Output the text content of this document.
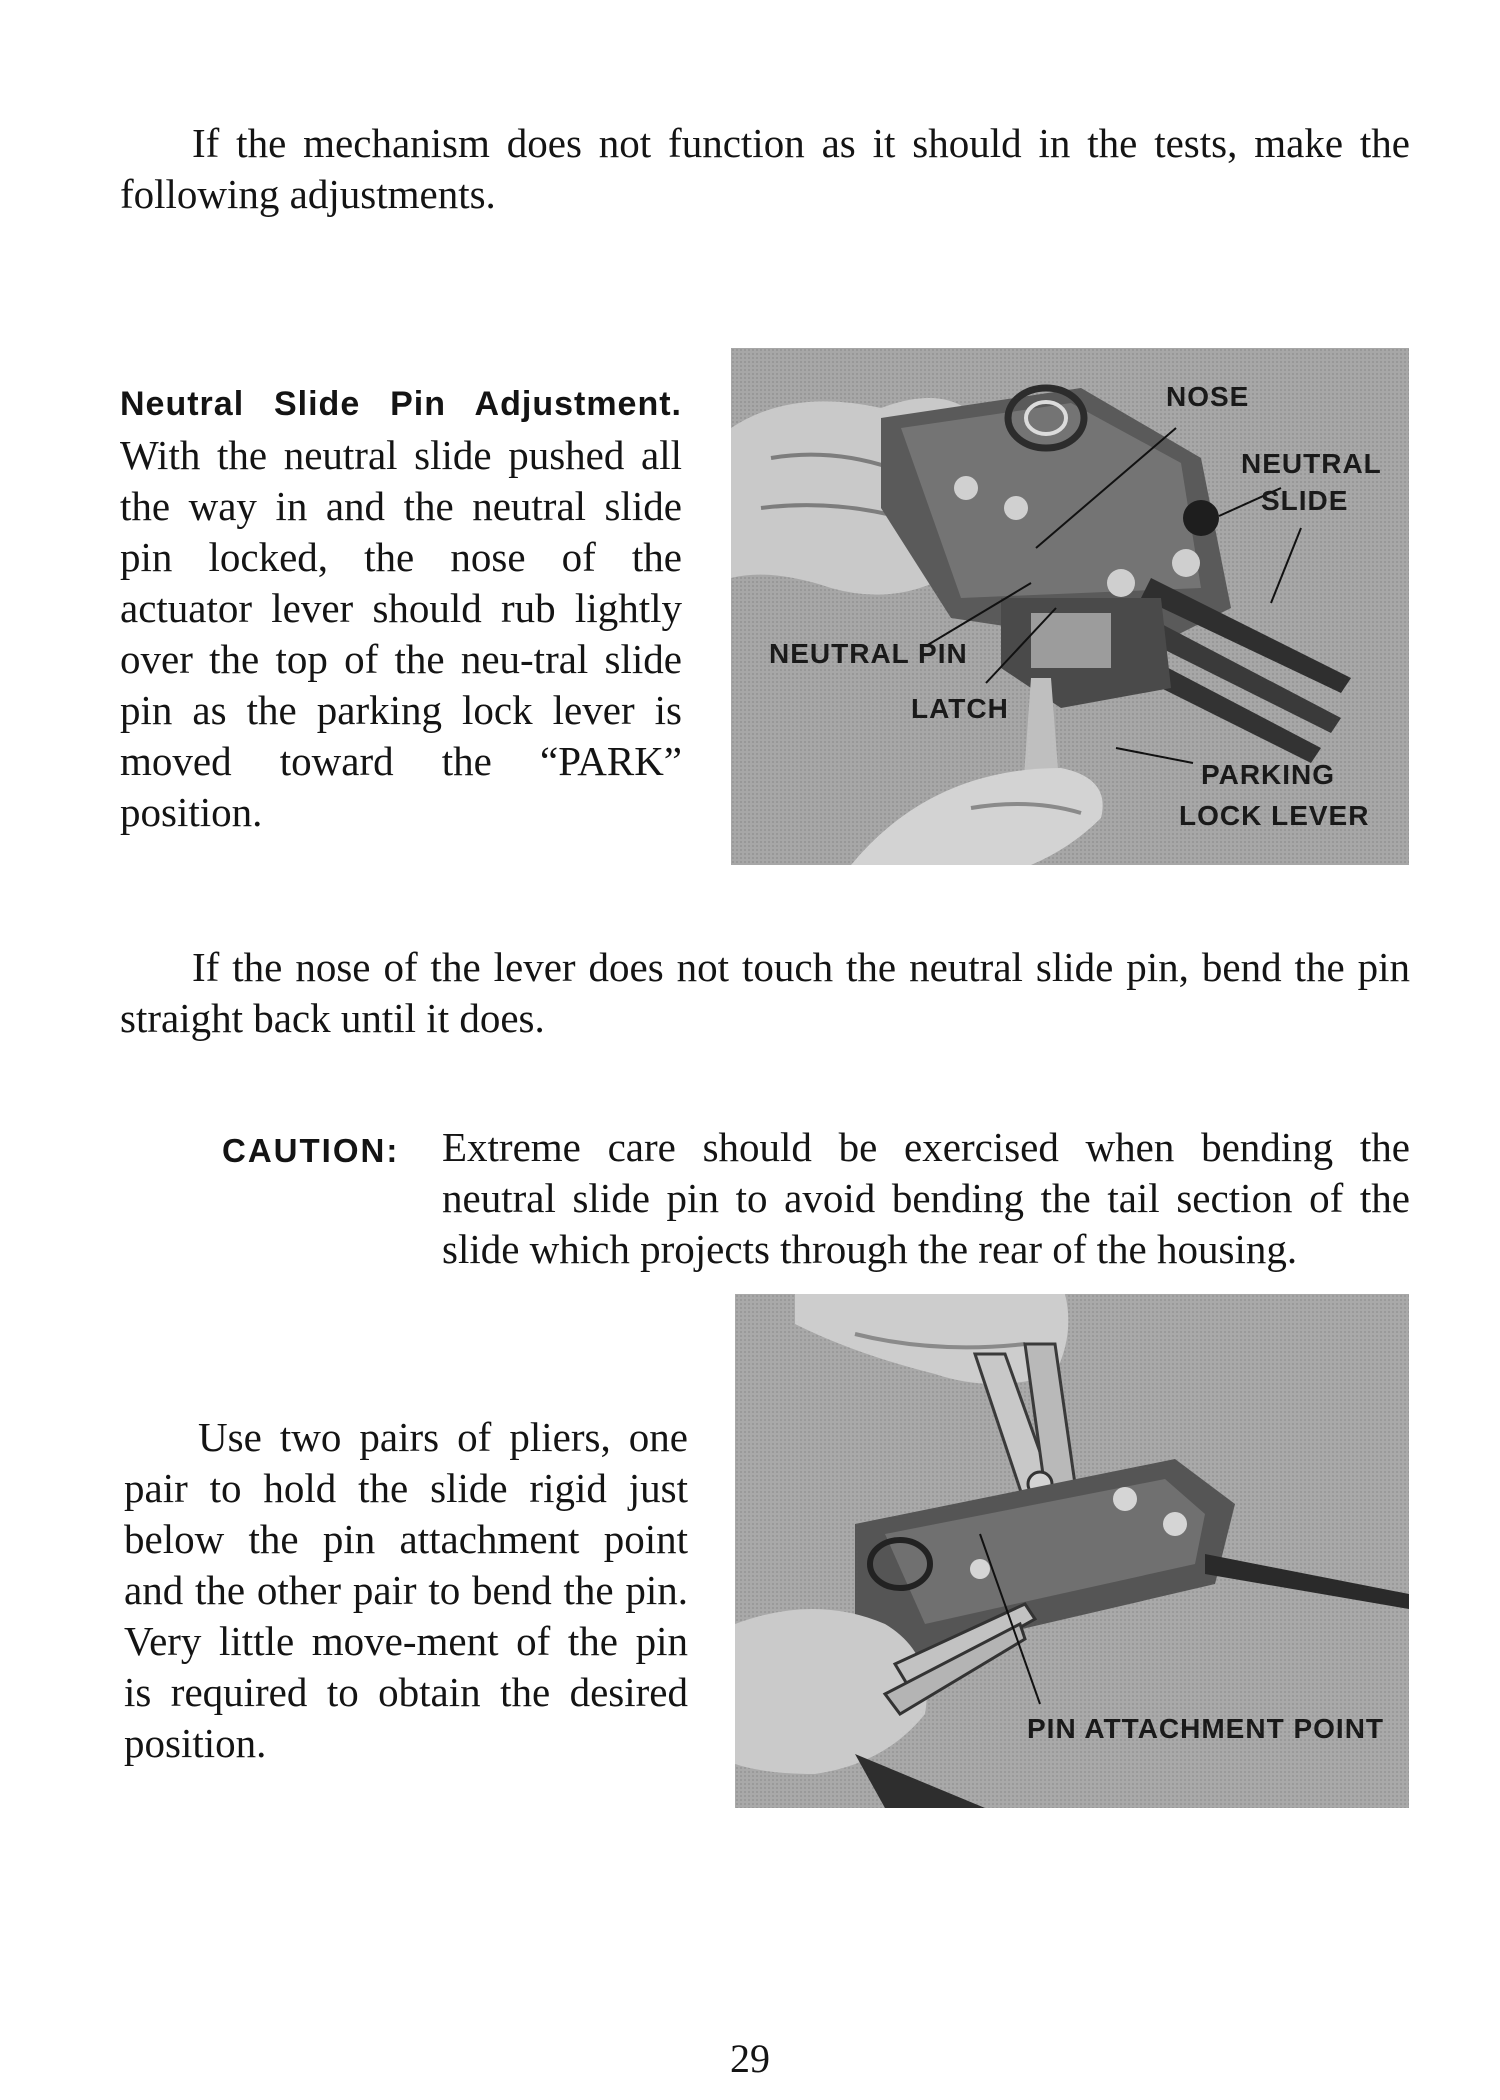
If the mechanism does not function as it should in the tests, make the following adjustments.

Neutral Slide Pin Adjustment. With the neutral slide pushed all the way in and the neutral slide pin locked, the nose of the actuator lever should rub lightly over the top of the neu-tral slide pin as the parking lock lever is moved toward the “PARK” position.

NOSE
NEUTRAL
SLIDE
NEUTRAL PIN
LATCH
PARKING
LOCK LEVER

If the nose of the lever does not touch the neutral slide pin, bend the pin straight back until it does.

CAUTION: Extreme care should be exercised when bending the neutral slide pin to avoid bending the tail section of the slide which projects through the rear of the housing.

Use two pairs of pliers, one pair to hold the slide rigid just below the pin attachment point and the other pair to bend the pin. Very little move-ment of the pin is required to obtain the desired position.	PIN ATTACHMENT POINT
29
